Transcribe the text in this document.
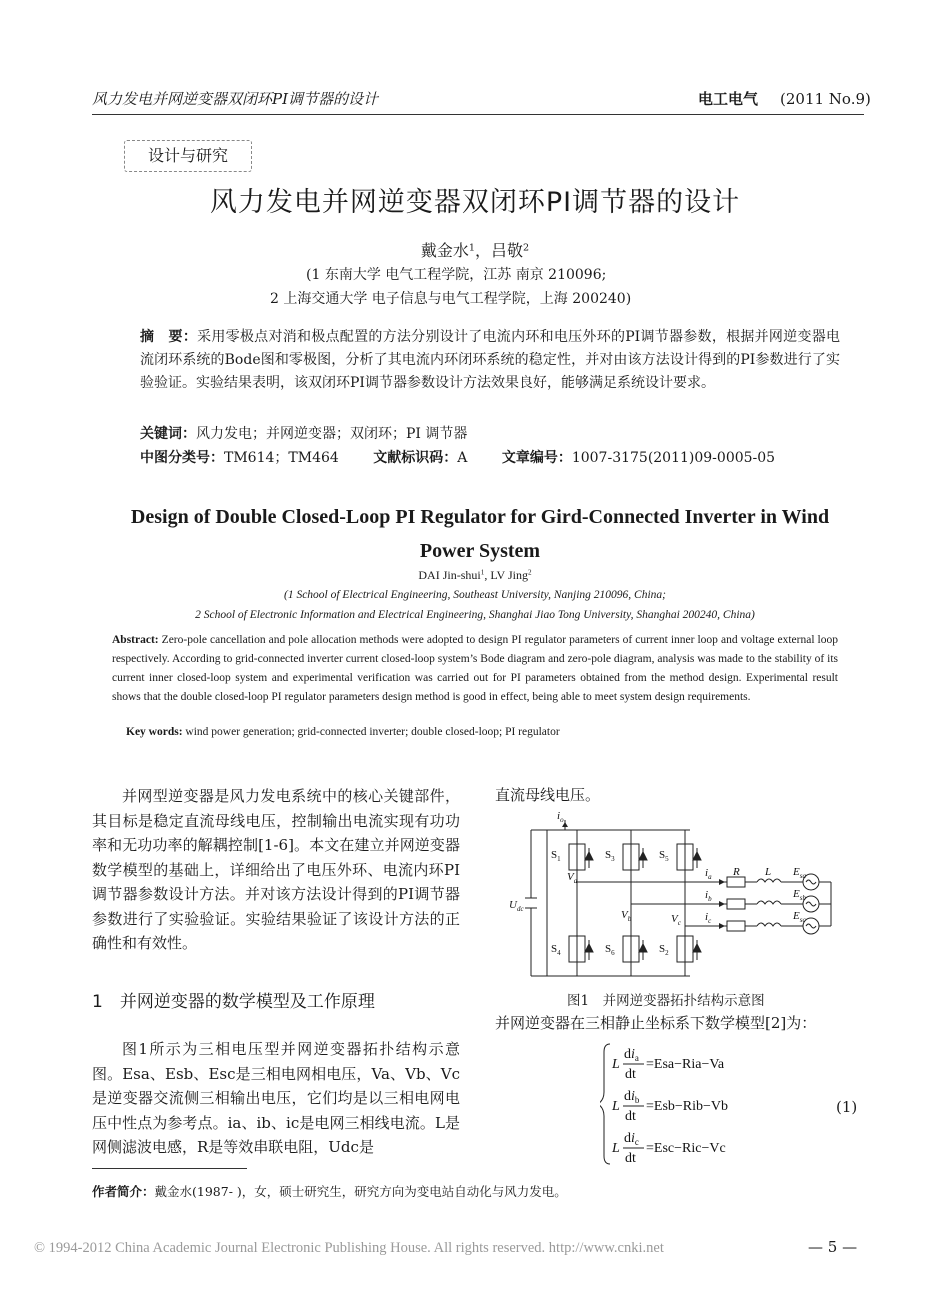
风力发电并网逆变器双闭环PI调节器的设计	电工电气 (2011 No.9)
设计与研究
风力发电并网逆变器双闭环PI调节器的设计
戴金水$^1$，吕敬$^2$
(1 东南大学 电气工程学院，江苏 南京 210096;
2 上海交通大学 电子信息与电气工程学院，上海 200240)
摘　要：采用零极点对消和极点配置的方法分别设计了电流内环和电压外环的PI调节器参数，根据并网逆变器电流闭环系统的Bode图和零极图，分析了其电流内环闭环系统的稳定性，并对由该方法设计得到的PI参数进行了实验验证。实验结果表明，该双闭环PI调节器参数设计方法效果良好，能够满足系统设计要求。
关键词：风力发电；并网逆变器；双闭环；PI 调节器
中图分类号：TM614；TM464 文献标识码：A 文章编号：1007-3175(2011)09-0005-05
Design of Double Closed-Loop PI Regulator for Gird-Connected Inverter in Wind Power System
DAI Jin-shui$^1$, LV Jing$^2$
(1 School of Electrical Engineering, Southeast University, Nanjing 210096, China;
2 School of Electronic Information and Electrical Engineering, Shanghai Jiao Tong University, Shanghai 200240, China)
Abstract: Zero-pole cancellation and pole allocation methods were adopted to design PI regulator parameters of current inner loop and voltage external loop respectively. According to grid-connected inverter current closed-loop system’s Bode diagram and zero-pole diagram, analysis was made to the stability of its current inner closed-loop system and experimental verification was carried out for PI parameters obtained from the method design. Experimental result shows that the double closed-loop PI regulator parameters design method is good in effect, being able to meet system design requirements.
Key words: wind power generation; grid-connected inverter; double closed-loop; PI regulator

并网型逆变器是风力发电系统中的核心关键部件，其目标是稳定直流母线电压，控制输出电流实现有功功率和无功功率的解耦控制[1-6]。本文在建立并网逆变器数学模型的基础上，详细给出了电压外环、电流内环PI调节器参数设计方法。并对该方法设计得到的PI调节器参数进行了实验验证。实验结果验证了该设计方法的正确性和有效性。

1　并网逆变器的数学模型及工作原理

图1所示为三相电压型并网逆变器拓扑结构示意图。Esa、Esb、Esc是三相电网相电压，Va、Vb、Vc是逆变器交流侧三相输出电压，它们均是以三相电网电压中性点为参考点。ia、ib、ic是电网三相线电流。L是网侧滤波电感，R是等效串联电阻，Udc是

直流母线电压。
$i_o$
$U_{dc}$
$V_a$
$V_b$	$V_c$
$i_a$
$i_b$
$i_c$
R L $E_{sa}$
$E_{sb}$
$E_{sc}$
$S_1$	$S_3$	$S_5$
$S_4$	$S_6$	$S_2$
图1　并网逆变器拓扑结构示意图
并网逆变器在三相静止坐标系下数学模型[2]为：
L
$di_a$
dt
=Esa−Ria−Va
L
$di_b$
dt
=Esb−Rib−Vb
L
$di_c$
dt
=Esc−Ric−Vc
(1)
作者简介：戴金水(1987- )，女，硕士研究生，研究方向为变电站自动化与风力发电。
© 1994-2012 China Academic Journal Electronic Publishing House. All rights reserved. http://www.cnki.net	— 5 —
